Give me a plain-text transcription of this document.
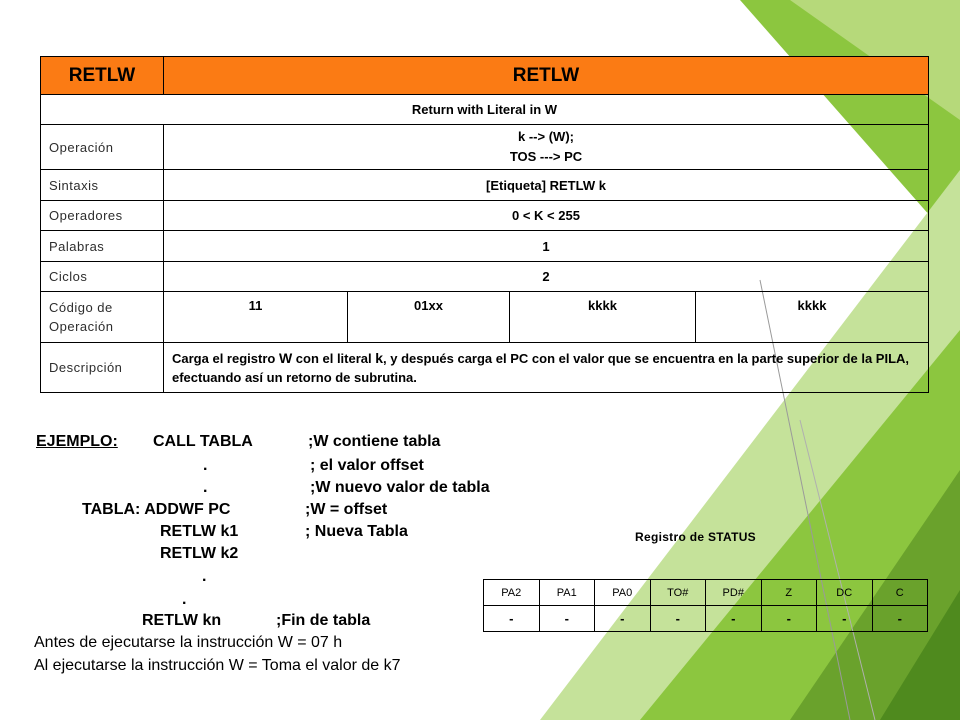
RETLW	RETLW			
Return with Literal in W				
Operación	k --> (W);
TOS ---> PC			

Sintaxis	[Etiqueta] RETLW k			
Operadores	0 < K < 255			
Palabras	1			
Ciclos	2			
Código de Operación	11	01xx	kkkk	kkkk
Descripción	Carga el registro W con el literal k, y después carga el PC con el valor que se encuentra en la parte superior de la PILA, efectuando así un retorno de subrutina.			
EJEMPLO: CALL TABLA	;W contiene tabla
.	; el valor offset
.	;W nuevo valor de tabla
TABLA: ADDWF PC	;W = offset
RETLW k1	; Nueva Tabla
RETLW k2
.
.
RETLW kn	;Fin de tabla
Antes de ejecutarse la instrucción W = 07 h
Al ejecutarse la instrucción W = Toma el valor de k7
Registro de STATUS
PA2	PA1	PA0	TO#	PD#	Z	DC	C
-	-	-	-	-	-	-	-
